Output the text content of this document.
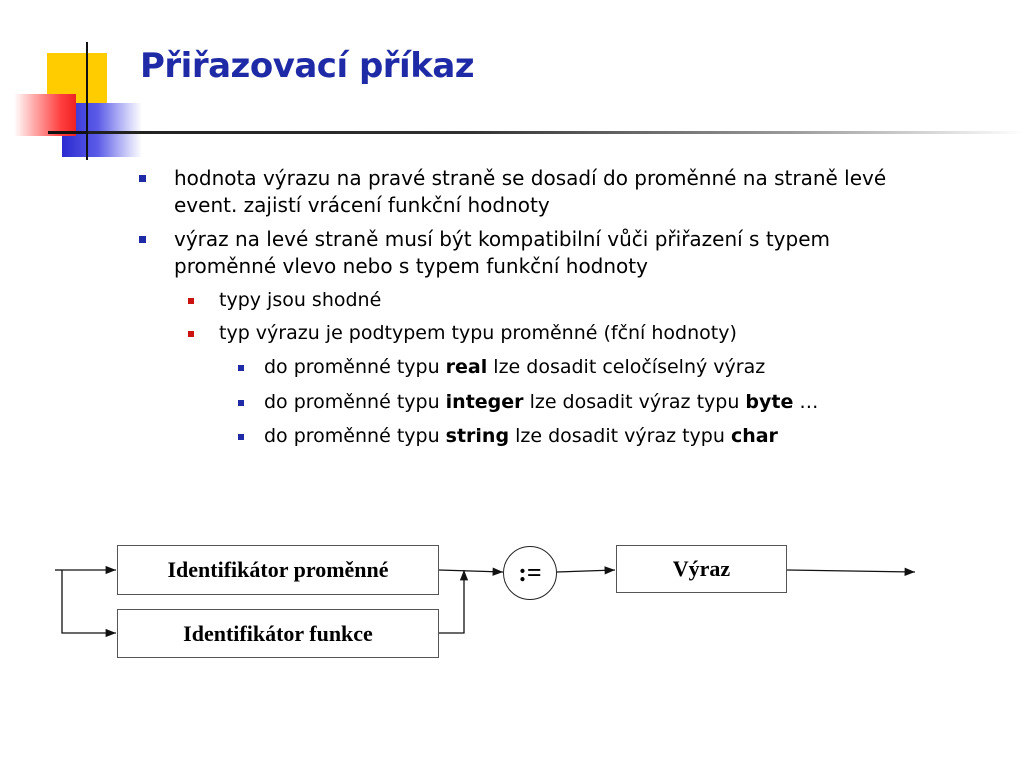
Přiřazovací příkaz
hodnota výrazu na pravé straně se dosadí do proměnné na straně levé
event. zajistí vrácení funkční hodnoty
výraz na levé straně musí být kompatibilní vůči přiřazení s typem
proměnné vlevo nebo s typem funkční hodnoty
typy jsou shodné
typ výrazu je podtypem typu proměnné (fční hodnoty)
do proměnné typu real lze dosadit celočíselný výraz
do proměnné typu integer lze dosadit výraz typu byte …
do proměnné typu string lze dosadit výraz typu char
Identifikátor proměnné
Identifikátor funkce
:=	Výraz
